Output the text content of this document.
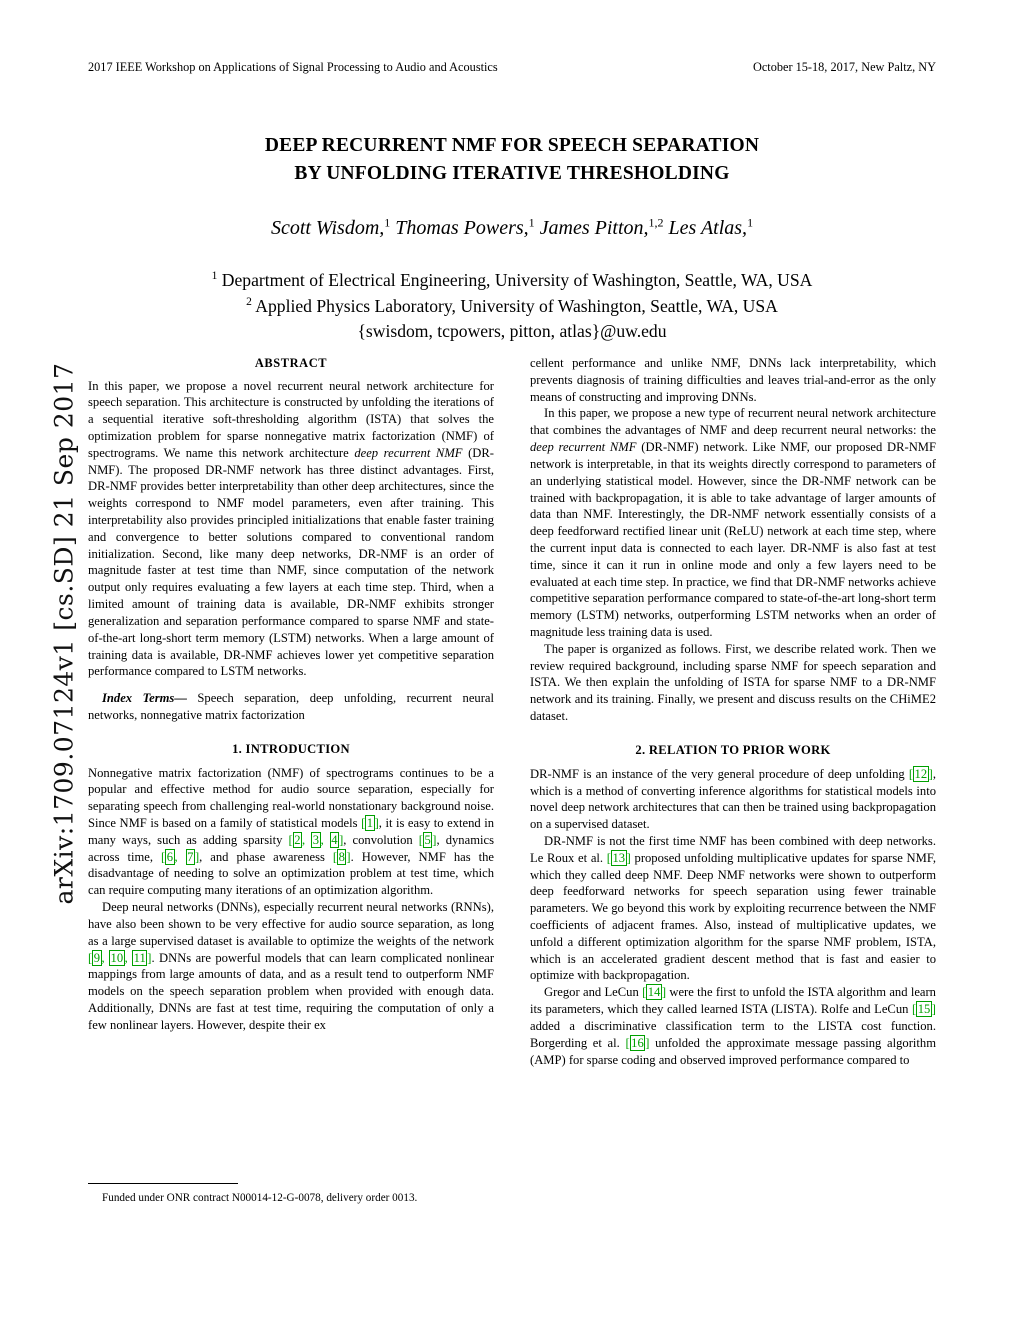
arXiv:1709.07124v1 [cs.SD] 21 Sep 2017
2017 IEEE Workshop on Applications of Signal Processing to Audio and Acoustics	October 15-18, 2017, New Paltz, NY
DEEP RECURRENT NMF FOR SPEECH SEPARATION
BY UNFOLDING ITERATIVE THRESHOLDING
Scott Wisdom,$^1$ Thomas Powers,$^1$ James Pitton,$^{1,2}$ Les Atlas,$^1$
$^1$ Department of Electrical Engineering, University of Washington, Seattle, WA, USA
$^2$ Applied Physics Laboratory, University of Washington, Seattle, WA, USA
{swisdom, tcpowers, pitton, atlas}@uw.edu
ABSTRACT

In this paper, we propose a novel recurrent neural network architecture for speech separation. This architecture is constructed by unfolding the iterations of a sequential iterative soft-thresholding algorithm (ISTA) that solves the optimization problem for sparse nonnegative matrix factorization (NMF) of spectrograms. We name this network architecture deep recurrent NMF (DR-NMF). The proposed DR-NMF network has three distinct advantages. First, DR-NMF provides better interpretability than other deep architectures, since the weights correspond to NMF model parameters, even after training. This interpretability also provides principled initializations that enable faster training and convergence to better solutions compared to conventional random initialization. Second, like many deep networks, DR-NMF is an order of magnitude faster at test time than NMF, since computation of the network output only requires evaluating a few layers at each time step. Third, when a limited amount of training data is available, DR-NMF exhibits stronger generalization and separation performance compared to sparse NMF and state-of-the-art long-short term memory (LSTM) networks. When a large amount of training data is available, DR-NMF achieves lower yet competitive separation performance compared to LSTM networks.

Index Terms— Speech separation, deep unfolding, recurrent neural networks, nonnegative matrix factorization

1. INTRODUCTION

Nonnegative matrix factorization (NMF) of spectrograms continues to be a popular and effective method for audio source separation, especially for separating speech from challenging real-world nonstationary background noise. Since NMF is based on a family of statistical models [ 1 ], it is easy to extend in many ways, such as adding sparsity [ 2 , 3 , 4 ], convolution [ 5 ], dynamics across time, [ 6 , 7 ], and phase awareness [ 8 ]. However, NMF has the disadvantage of needing to solve an optimization problem at test time, which can require computing many iterations of an optimization algorithm.

Deep neural networks (DNNs), especially recurrent neural networks (RNNs), have also been shown to be very effective for audio source separation, as long as a large supervised dataset is available to optimize the weights of the network [ 9 , 10 , 11 ]. DNNs are powerful models that can learn complicated nonlinear mappings from large amounts of data, and as a result tend to outperform NMF models on the speech separation problem when provided with enough data. Additionally, DNNs are fast at test time, requiring the computation of only a few nonlinear layers. However, despite their ex

Funded under ONR contract N00014-12-G-0078, delivery order 0013.

cellent performance and unlike NMF, DNNs lack interpretability, which prevents diagnosis of training difficulties and leaves trial-and-error as the only means of constructing and improving DNNs.

In this paper, we propose a new type of recurrent neural network architecture that combines the advantages of NMF and deep recurrent neural networks: the deep recurrent NMF (DR-NMF) network. Like NMF, our proposed DR-NMF network is interpretable, in that its weights directly correspond to parameters of an underlying statistical model. However, since the DR-NMF network can be trained with backpropagation, it is able to take advantage of larger amounts of data than NMF. Interestingly, the DR-NMF network essentially consists of a deep feedforward rectified linear unit (ReLU) network at each time step, where the current input data is connected to each layer. DR-NMF is also fast at test time, since it can it run in online mode and only a few layers need to be evaluated at each time step. In practice, we find that DR-NMF networks achieve competitive separation performance compared to state-of-the-art long-short term memory (LSTM) networks, outperforming LSTM networks when an order of magnitude less training data is used.

The paper is organized as follows. First, we describe related work. Then we review required background, including sparse NMF for speech separation and ISTA. We then explain the unfolding of ISTA for sparse NMF to a DR-NMF network and its training. Finally, we present and discuss results on the CHiME2 dataset.

2. RELATION TO PRIOR WORK

DR-NMF is an instance of the very general procedure of deep unfolding [ 12 ], which is a method of converting inference algorithms for statistical models into novel deep network architectures that can then be trained using backpropagation on a supervised dataset.

DR-NMF is not the first time NMF has been combined with deep networks. Le Roux et al. [ 13 ] proposed unfolding multiplicative updates for sparse NMF, which they called deep NMF. Deep NMF networks were shown to outperform deep feedforward networks for speech separation using fewer trainable parameters. We go beyond this work by exploiting recurrence between the NMF coefficients of adjacent frames. Also, instead of multiplicative updates, we unfold a different optimization algorithm for the sparse NMF problem, ISTA, which is an accelerated gradient descent method that is fast and easier to optimize with backpropagation.

Gregor and LeCun [ 14 ] were the first to unfold the ISTA algorithm and learn its parameters, which they called learned ISTA (LISTA). Rolfe and LeCun [ 15 ] added a discriminative classification term to the LISTA cost function. Borgerding et al. [ 16 ] unfolded the approximate message passing algorithm (AMP) for sparse coding and observed improved performance compared to
